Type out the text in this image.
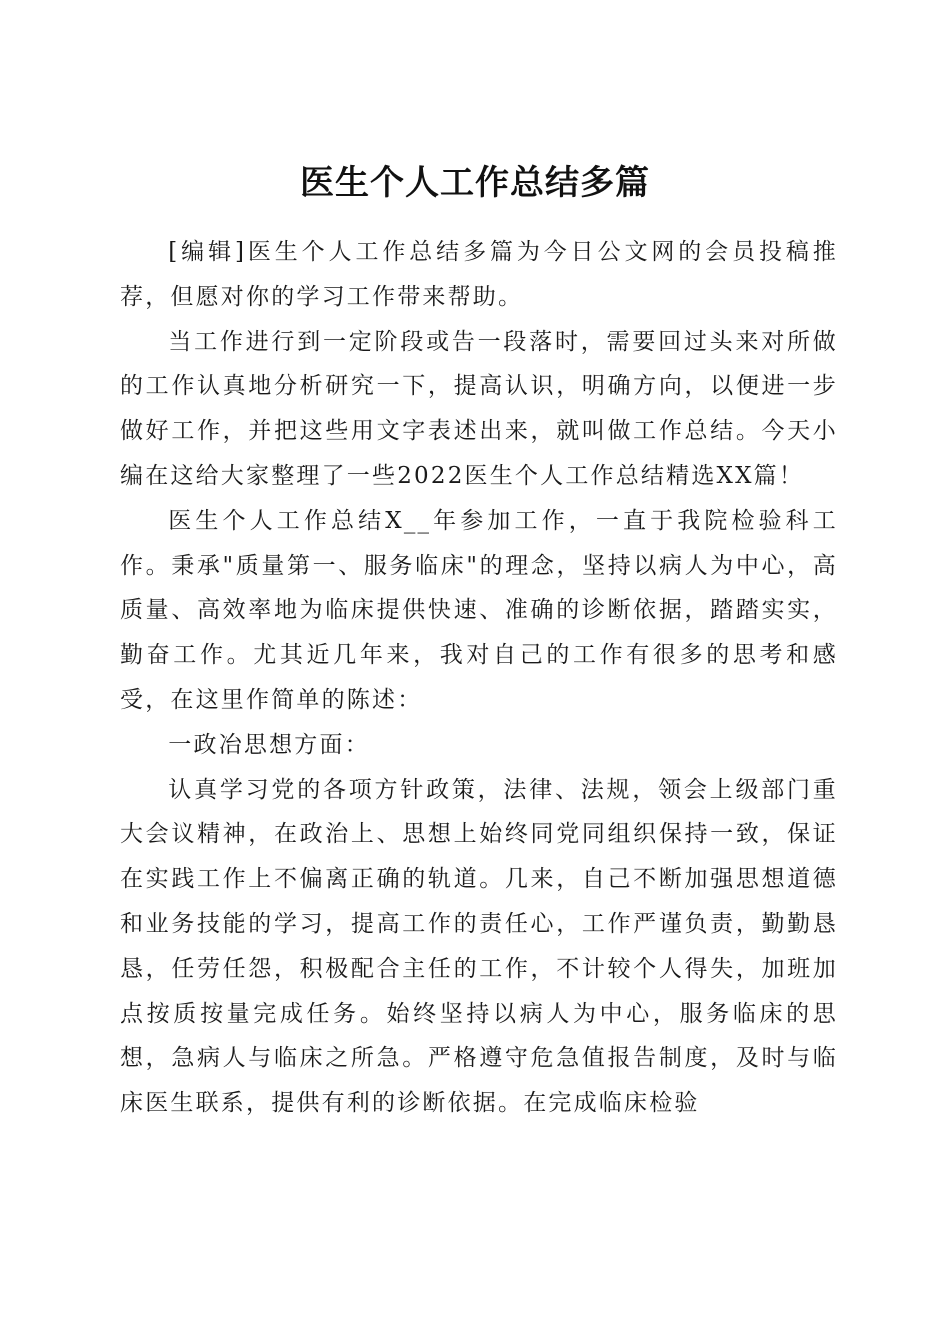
医生个人工作总结多篇

[编辑]医生个人工作总结多篇为今日公文网的会员投稿推荐，但愿对你的学习工作带来帮助。

当工作进行到一定阶段或告一段落时，需要回过头来对所做的工作认真地分析研究一下，提高认识，明确方向，以便进一步做好工作，并把这些用文字表述出来，就叫做工作总结。今天小编在这给大家整理了一些2022医生个人工作总结精选XX篇！

医生个人工作总结X__年参加工作，一直于我院检验科工作。秉承"质量第一、服务临床"的理念，坚持以病人为中心，高质量、高效率地为临床提供快速、准确的诊断依据，踏踏实实，勤奋工作。尤其近几年来，我对自己的工作有很多的思考和感受，在这里作简单的陈述：

一政冶思想方面：

认真学习党的各项方针政策，法律、法规，领会上级部门重大会议精神，在政治上、思想上始终同党同组织保持一致，保证在实践工作上不偏离正确的轨道。几来，自己不断加强思想道德和业务技能的学习，提高工作的责任心，工作严谨负责，勤勤恳恳，任劳任怨，积极配合主任的工作，不计较个人得失，加班加点按质按量完成任务。始终坚持以病人为中心，服务临床的思想，急病人与临床之所急。严格遵守危急值报告制度，及时与临床医生联系，提供有利的诊断依据。在完成临床检验
